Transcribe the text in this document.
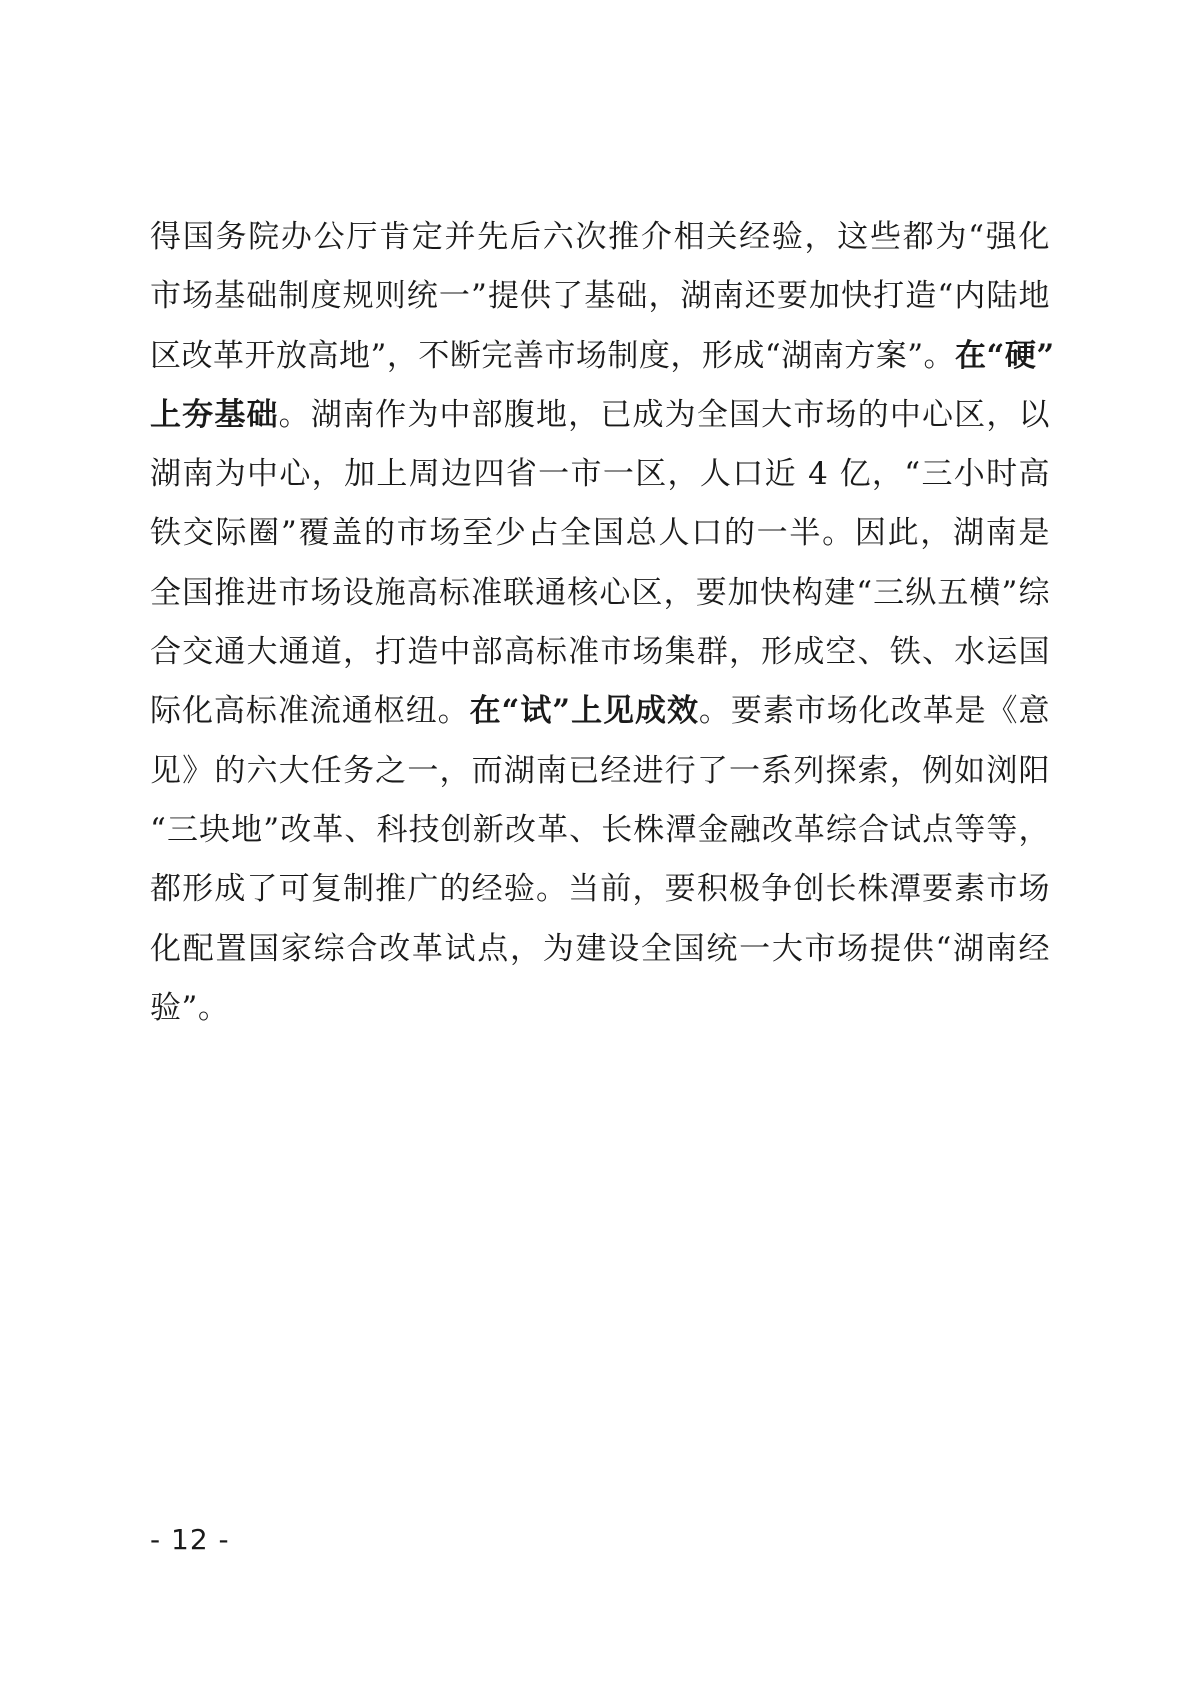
得国务院办公厅肯定并先后六次推介相关经验，这些都为“强化
市场基础制度规则统一”提供了基础，湖南还要加快打造“内陆地
区改革开放高地”，不断完善市场制度，形成“湖南方案”。在“硬”
上夯基础。湖南作为中部腹地，已成为全国大市场的中心区，以
湖南为中心，加上周边四省一市一区，人口近 4 亿，“三小时高
铁交际圈”覆盖的市场至少占全国总人口的一半。因此，湖南是
全国推进市场设施高标准联通核心区，要加快构建“三纵五横”综
合交通大通道，打造中部高标准市场集群，形成空、铁、水运国
际化高标准流通枢纽。在“试”上见成效。要素市场化改革是《意
见》的六大任务之一，而湖南已经进行了一系列探索，例如浏阳
“三块地”改革、科技创新改革、长株潭金融改革综合试点等等，
都形成了可复制推广的经验。当前，要积极争创长株潭要素市场
化配置国家综合改革试点，为建设全国统一大市场提供“湖南经
验”。
- 12 -
